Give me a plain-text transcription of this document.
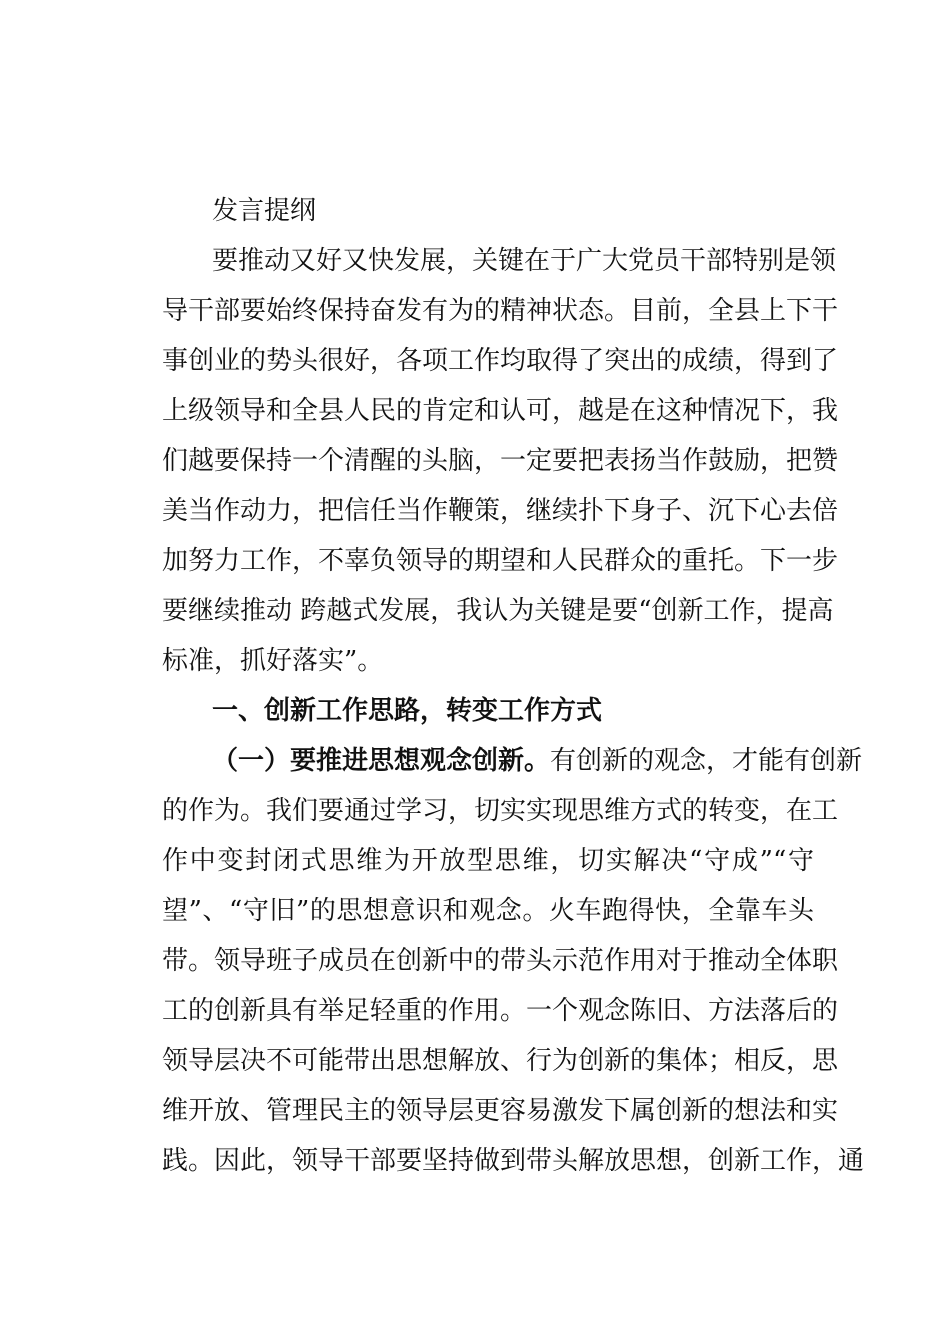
发言提纲
要推动又好又快发展，关键在于广大党员干部特别是领
导干部要始终保持奋发有为的精神状态。目前，全县上下干
事创业的势头很好，各项工作均取得了突出的成绩，得到了
上级领导和全县人民的肯定和认可，越是在这种情况下，我
们越要保持一个清醒的头脑，一定要把表扬当作鼓励，把赞
美当作动力，把信任当作鞭策，继续扑下身子、沉下心去倍
加努力工作，不辜负领导的期望和人民群众的重托。下一步
要继续推动 跨越式发展，我认为关键是要“创新工作，提高
标准，抓好落实”。
一、创新工作思路，转变工作方式
（一）要推进思想观念创新。有创新的观念，才能有创新
的作为。我们要通过学习，切实实现思维方式的转变，在工
作中变封闭式思维为开放型思维，切实解决“守成”“守
望”、“守旧”的思想意识和观念。火车跑得快，全靠车头
带。领导班子成员在创新中的带头示范作用对于推动全体职
工的创新具有举足轻重的作用。一个观念陈旧、方法落后的
领导层决不可能带出思想解放、行为创新的集体；相反，思
维开放、管理民主的领导层更容易激发下属创新的想法和实
践。因此，领导干部要坚持做到带头解放思想，创新工作，通
